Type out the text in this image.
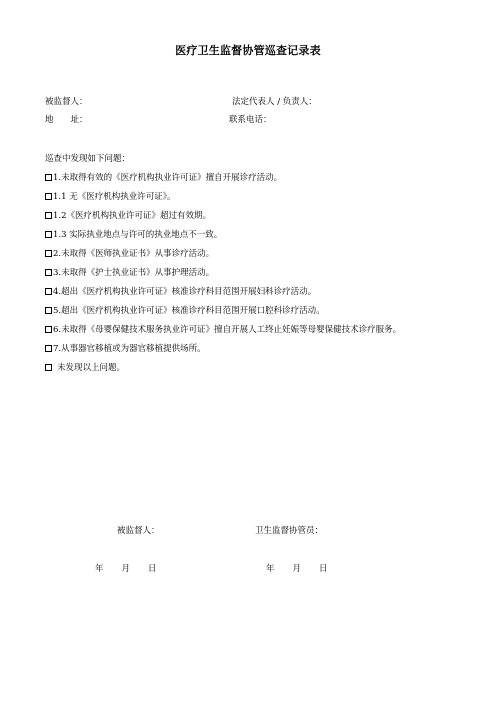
医疗卫生监督协管巡查记录表
被监督人：	法定代表人 / 负责人：
地　　址：	联系电话：
巡查中发现如下问题：
1.未取得有效的《医疗机构执业许可证》擅自开展诊疗活动。
1.1 无《医疗机构执业许可证》。
1.2《医疗机构执业许可证》超过有效期。
1.3 实际执业地点与许可的执业地点不一致。
2.未取得《医师执业证书》从事诊疗活动。
3.未取得《护士执业证书》从事护理活动。
4.超出《医疗机构执业许可证》核准诊疗科目范围开展妇科诊疗活动。
5.超出《医疗机构执业许可证》核准诊疗科目范围开展口腔科诊疗活动。
6.未取得《母婴保健技术服务执业许可证》擅自开展人工终止妊娠等母婴保健技术诊疗服务。
7.从事器官移植或为器官移植提供场所。
未发现以上问题。
被监督人：	卫生监督协管员：
年 月 日	年 月 日
